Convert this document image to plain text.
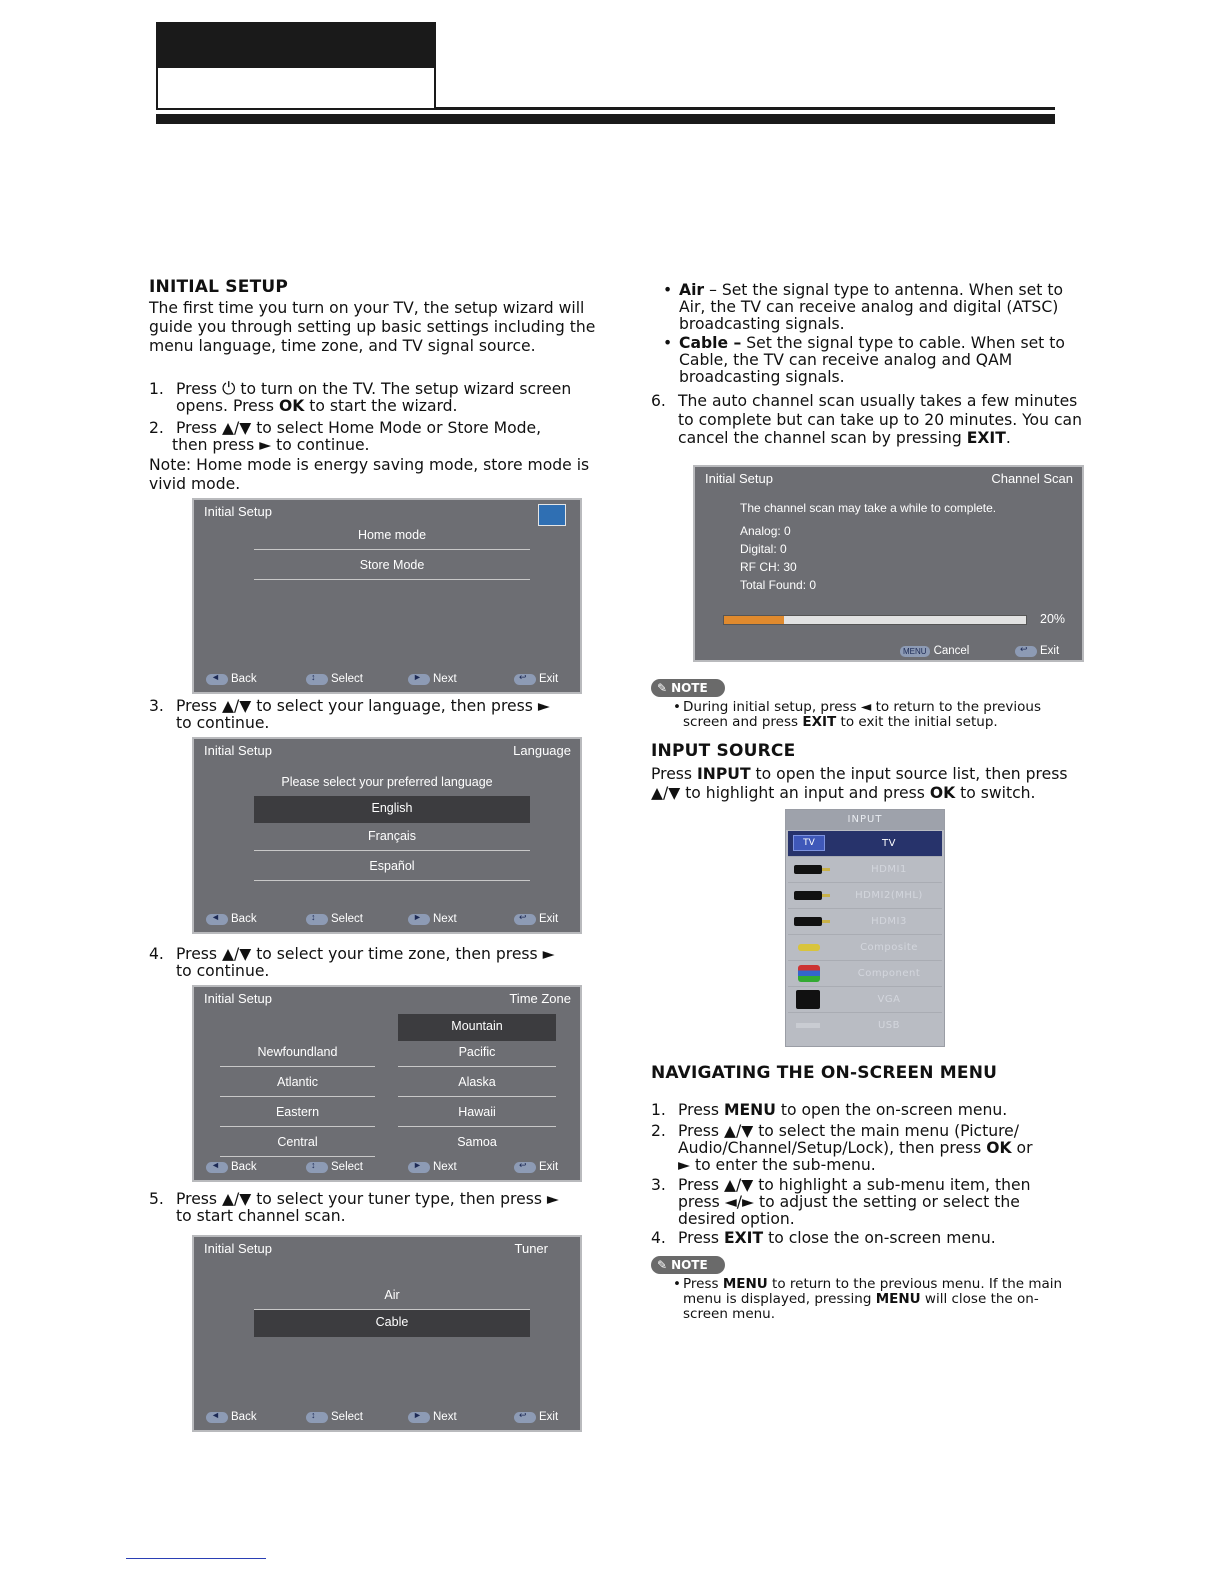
INITIAL SETUP
The first time you turn on your TV, the setup wizard will guide you through setting up basic settings including the menu language, time zone, and TV signal source.
1. Press ⏻ to turn on the TV. The setup wizard screen
opens. Press OK to start the wizard.
2. Press ▲/▼ to select Home Mode or Store Mode,
then press ► to continue.
Note: Home mode is energy saving mode, store mode is vivid mode.
Initial Setup
Home mode
Store Mode
◄ Back	↕ Select	► Next	↩ Exit
3. Press ▲/▼ to select your language, then press ►
to continue.
Initial Setup	Language
Please select your preferred language
English
Français
Español
◄ Back	↕ Select	► Next	↩ Exit
4. Press ▲/▼ to select your time zone, then press ►
to continue.
Initial Setup	Time Zone
Newfoundland
Atlantic
Eastern
Central
Mountain
Pacific
Alaska
Hawaii
Samoa
◄ Back	↕ Select	► Next	↩ Exit
5. Press ▲/▼ to select your tuner type, then press ►
to start channel scan.
Initial Setup	Tuner
Air
Cable
◄ Back	↕ Select	► Next	↩ Exit
• Air – Set the signal type to antenna. When set to
Air, the TV can receive analog and digital (ATSC)
broadcasting signals.
• Cable – Set the signal type to cable. When set to
Cable, the TV can receive analog and QAM
broadcasting signals.
6. The auto channel scan usually takes a few minutes
to complete but can take up to 20 minutes. You can
cancel the channel scan by pressing EXIT.
Initial Setup	Channel Scan
The channel scan may take a while to complete.
Analog: 0
Digital: 0
RF CH: 30
Total Found: 0
20%
MENU Cancel	↩ Exit
✎ NOTE
• During initial setup, press ◄ to return to the previous
screen and press EXIT to exit the initial setup.
INPUT SOURCE
Press INPUT to open the input source list, then press
▲/▼ to highlight an input and press OK to switch.
INPUT
TV	TV
HDMI1
HDMI2(MHL)
HDMI3
Composite
Component
VGA
USB
NAVIGATING THE ON-SCREEN MENU
1. Press MENU to open the on-screen menu.
2. Press ▲/▼ to select the main menu (Picture/
Audio/Channel/Setup/Lock), then press OK or
► to enter the sub-menu.
3. Press ▲/▼ to highlight a sub-menu item, then
press ◄/► to adjust the setting or select the
desired option.
4. Press EXIT to close the on-screen menu.
✎ NOTE
• Press MENU to return to the previous menu. If the main
menu is displayed, pressing MENU will close the on-
screen menu.
